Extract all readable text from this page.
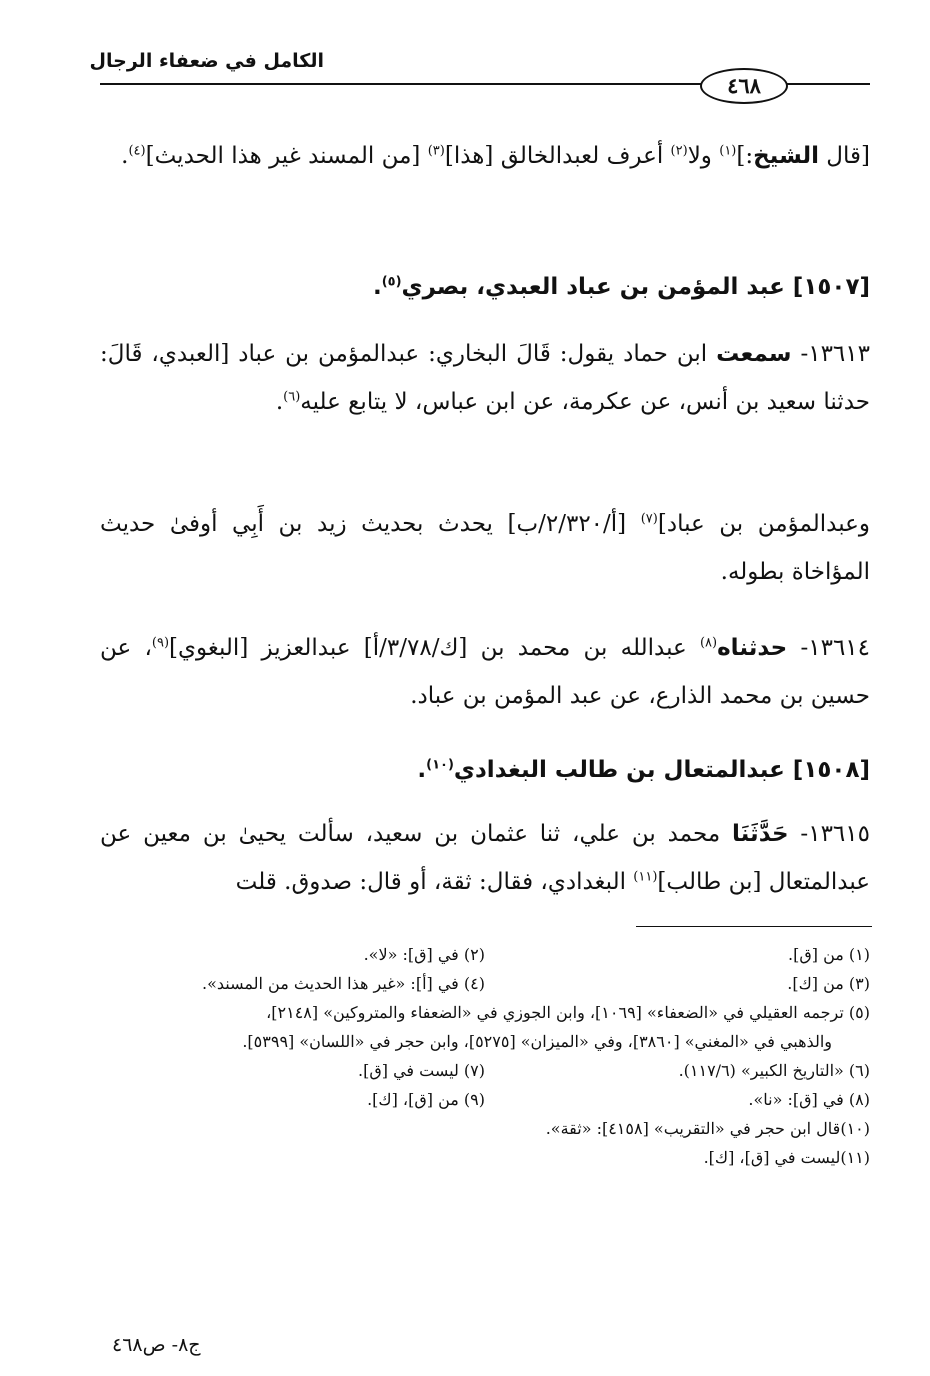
الكامل في ضعفاء الرجال
٤٦٨
[قال الشيخ:]$^{(١)}$ ولا$^{(٢)}$ أعرف لعبدالخالق [هذا]$^{(٣)}$ [من المسند غير هذا الحديث]$^{(٤)}$.
[١٥٠٧] عبد المؤمن بن عباد العبدي، بصري$^{(٥)}$.
١٣٦١٣- سمعت ابن حماد يقول: قَالَ البخاري: عبدالمؤمن بن عباد [العبدي، قَالَ: حدثنا سعيد بن أنس، عن عكرمة، عن ابن عباس، لا يتابع عليه$^{(٦)}$.
وعبدالمؤمن بن عباد]$^{(٧)}$ [أ/٢/٣٢٠/ب] يحدث بحديث زيد بن أَبِي أوفىٰ حديث المؤاخاة بطوله.
١٣٦١٤- حدثناه$^{(٨)}$ عبدالله بن محمد بن [ك/٣/٧٨/أ] عبدالعزيز [البغوي]$^{(٩)}$، عن حسين بن محمد الذارع، عن عبد المؤمن بن عباد.
[١٥٠٨] عبدالمتعال بن طالب البغدادي$^{(١٠)}$.
١٣٦١٥- حَدَّثَنَا محمد بن علي، ثنا عثمان بن سعيد، سألت يحيىٰ بن معين عن عبدالمتعال [بن طالب]$^{(١١)}$ البغدادي، فقال: ثقة، أو قال: صدوق. قلت
(١) من [ق].
(٢) في [ق]: «لا».
(٣) من [ك].
(٤) في [أ]: «غير هذا الحديث من المسند».
(٥) ترجمه العقيلي في «الضعفاء» [١٠٦٩]، وابن الجوزي في «الضعفاء والمتروكين» [٢١٤٨]،
والذهبي في «المغني» [٣٨٦٠]، وفي «الميزان» [٥٢٧٥]، وابن حجر في «اللسان» [٥٣٩٩].
(٦) «التاريخ الكبير» (١١٧/٦).
(٧) ليست في [ق].
(٨) في [ق]: «نا».
(٩) من [ق]، [ك].
(١٠)قال ابن حجر في «التقريب» [٤١٥٨]: «ثقة».
(١١)ليست في [ق]، [ك].
ج٨- ص٤٦٨
